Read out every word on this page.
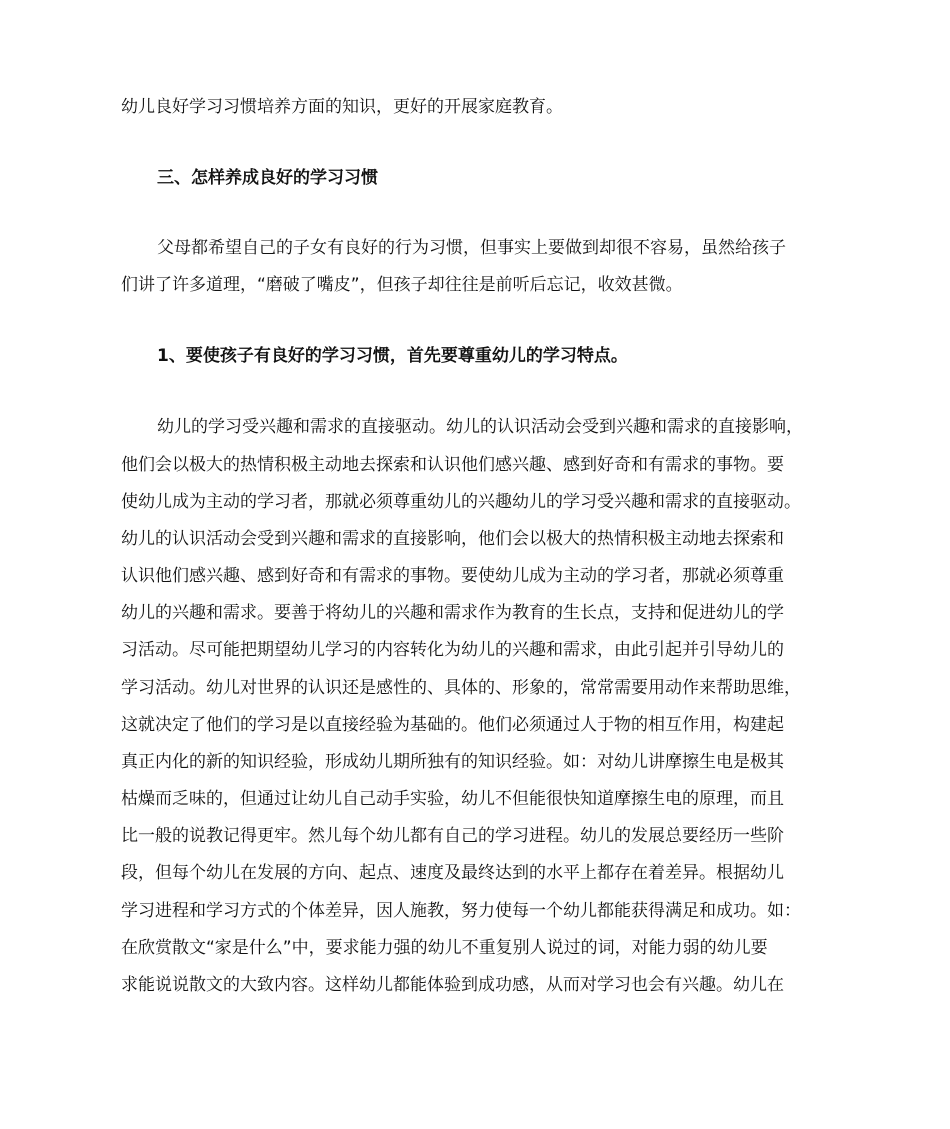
幼儿良好学习习惯培养方面的知识，更好的开展家庭教育。
三、怎样养成良好的学习习惯
父母都希望自己的子女有良好的行为习惯，但事实上要做到却很不容易，虽然给孩子
们讲了许多道理，“磨破了嘴皮”，但孩子却往往是前听后忘记，收效甚微。
1、要使孩子有良好的学习习惯，首先要尊重幼儿的学习特点。
幼儿的学习受兴趣和需求的直接驱动。幼儿的认识活动会受到兴趣和需求的直接影响，
他们会以极大的热情积极主动地去探索和认识他们感兴趣、感到好奇和有需求的事物。要
使幼儿成为主动的学习者，那就必须尊重幼儿的兴趣幼儿的学习受兴趣和需求的直接驱动。
幼儿的认识活动会受到兴趣和需求的直接影响，他们会以极大的热情积极主动地去探索和
认识他们感兴趣、感到好奇和有需求的事物。要使幼儿成为主动的学习者，那就必须尊重
幼儿的兴趣和需求。要善于将幼儿的兴趣和需求作为教育的生长点，支持和促进幼儿的学
习活动。尽可能把期望幼儿学习的内容转化为幼儿的兴趣和需求，由此引起并引导幼儿的
学习活动。幼儿对世界的认识还是感性的、具体的、形象的，常常需要用动作来帮助思维，
这就决定了他们的学习是以直接经验为基础的。他们必须通过人于物的相互作用，构建起
真正内化的新的知识经验，形成幼儿期所独有的知识经验。如：对幼儿讲摩擦生电是极其
枯燥而乏味的，但通过让幼儿自己动手实验，幼儿不但能很快知道摩擦生电的原理，而且
比一般的说教记得更牢。然儿每个幼儿都有自己的学习进程。幼儿的发展总要经历一些阶
段，但每个幼儿在发展的方向、起点、速度及最终达到的水平上都存在着差异。根据幼儿
学习进程和学习方式的个体差异，因人施教，努力使每一个幼儿都能获得满足和成功。如：
在欣赏散文“家是什么”中，要求能力强的幼儿不重复别人说过的词，对能力弱的幼儿要
求能说说散文的大致内容。这样幼儿都能体验到成功感，从而对学习也会有兴趣。幼儿在
